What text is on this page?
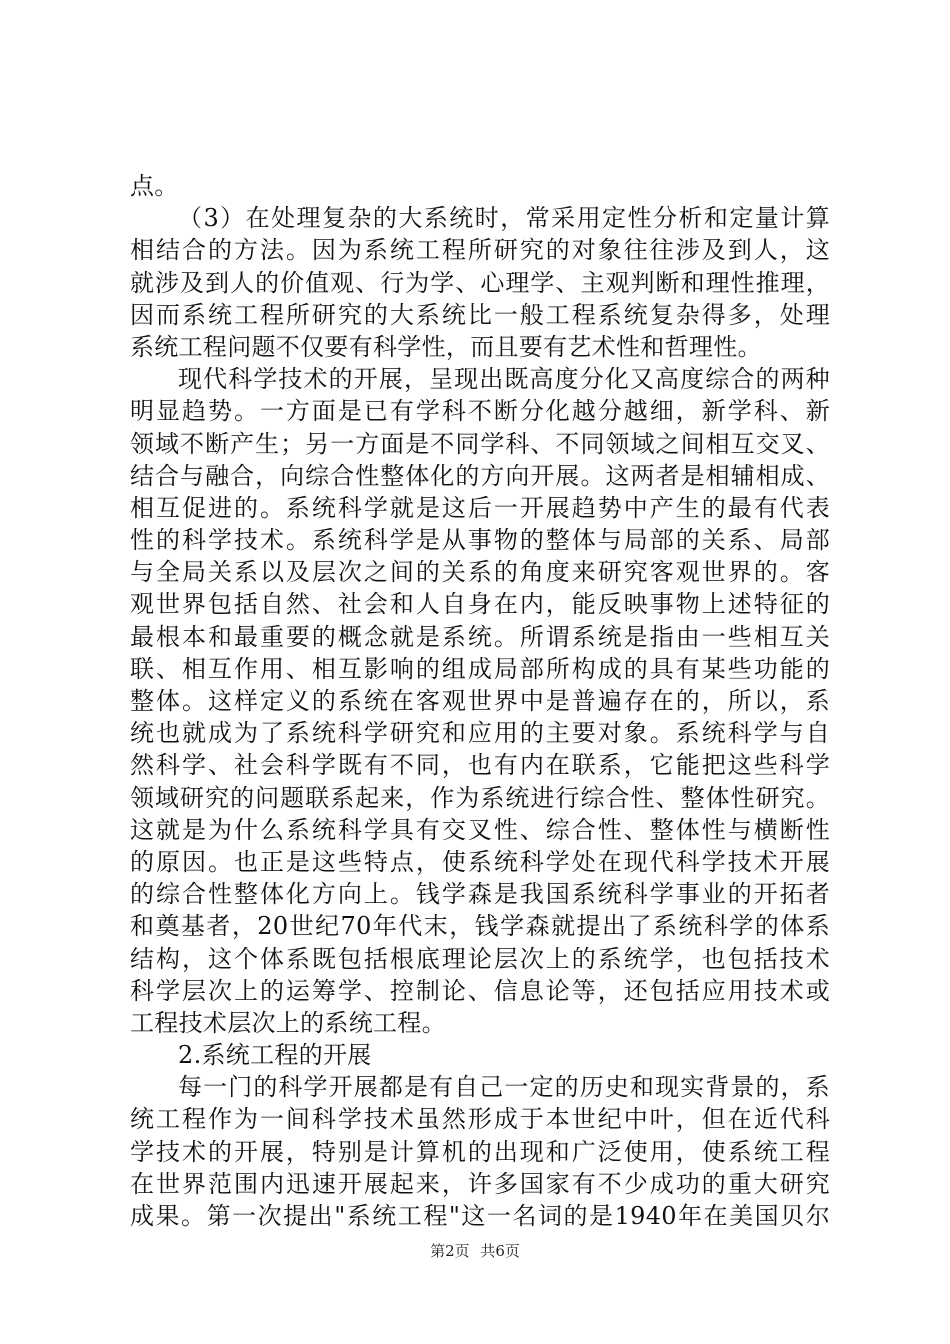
点。
（3）在处理复杂的大系统时，常采用定性分析和定量计算
相结合的方法。因为系统工程所研究的对象往往涉及到人，这
就涉及到人的价值观、行为学、心理学、主观判断和理性推理，
因而系统工程所研究的大系统比一般工程系统复杂得多，处理
系统工程问题不仅要有科学性，而且要有艺术性和哲理性。
现代科学技术的开展，呈现出既高度分化又高度综合的两种
明显趋势。一方面是已有学科不断分化越分越细，新学科、新
领域不断产生；另一方面是不同学科、不同领域之间相互交叉、
结合与融合，向综合性整体化的方向开展。这两者是相辅相成、
相互促进的。系统科学就是这后一开展趋势中产生的最有代表
性的科学技术。系统科学是从事物的整体与局部的关系、局部
与全局关系以及层次之间的关系的角度来研究客观世界的。客
观世界包括自然、社会和人自身在内，能反映事物上述特征的
最根本和最重要的概念就是系统。所谓系统是指由一些相互关
联、相互作用、相互影响的组成局部所构成的具有某些功能的
整体。这样定义的系统在客观世界中是普遍存在的，所以，系
统也就成为了系统科学研究和应用的主要对象。系统科学与自
然科学、社会科学既有不同，也有内在联系，它能把这些科学
领域研究的问题联系起来，作为系统进行综合性、整体性研究。
这就是为什么系统科学具有交叉性、综合性、整体性与横断性
的原因。也正是这些特点，使系统科学处在现代科学技术开展
的综合性整体化方向上。钱学森是我国系统科学事业的开拓者
和奠基者，20世纪70年代末，钱学森就提出了系统科学的体系
结构，这个体系既包括根底理论层次上的系统学，也包括技术
科学层次上的运筹学、控制论、信息论等，还包括应用技术或
工程技术层次上的系统工程。
2.系统工程的开展
每一门的科学开展都是有自己一定的历史和现实背景的，系
统工程作为一间科学技术虽然形成于本世纪中叶，但在近代科
学技术的开展，特别是计算机的出现和广泛使用，使系统工程
在世界范围内迅速开展起来，许多国家有不少成功的重大研究
成果。第一次提出"系统工程"这一名词的是1940年在美国贝尔
第2页 共6页
